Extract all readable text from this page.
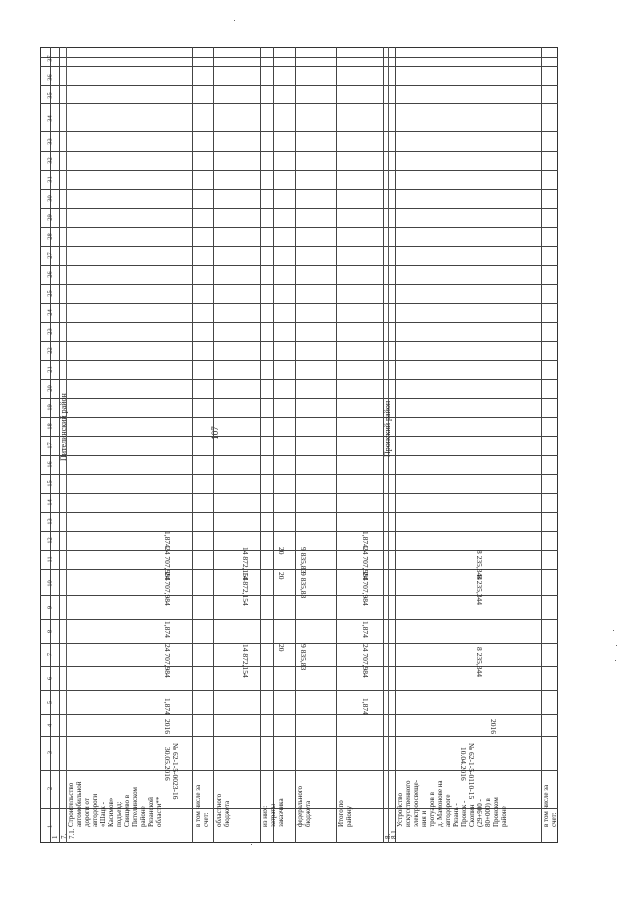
107
1
2
3
4
5
6
7
8
9
10
11
12
13
14
15
16
17
18
19
20
21
22
23
24
25
26
27
28
29
30
31
32
33
34
35
36
37
1 7.
Пителинский район
7.1.
Строительство автомобильной дороги от автодороги «Шацк - Касимов» подъезд: Свищево в Пителинском районе Рязанской области**
№ 62-1-5-0023-16
30.05.2016
2016
1,874
24 707,984
1,874
24 707,984
24 707,984
1,874
в том числе за счет: областного бюджета
14 872,154
14 872,154
14 872,154
из них: затраты заказчика
20
20
20
федерального бюджета
9 835,83
9 835,83
9 835,83
Итого по району
1,874
24 707,984
1,874
24 707,984
24 707,984
1,874
8.
Пронский район
8.1.
Устройство искусственного электроосвеще- ния и тротуаров в д. Мамонове на автодороге Рязань - Пронск - Скопин (29+900 - 80+000) в Пронском районе
№ 62-1-5-0110-15
10.04.2016
2016
8 235,344
8 235,344
8 235,344
в том числе за счет:
